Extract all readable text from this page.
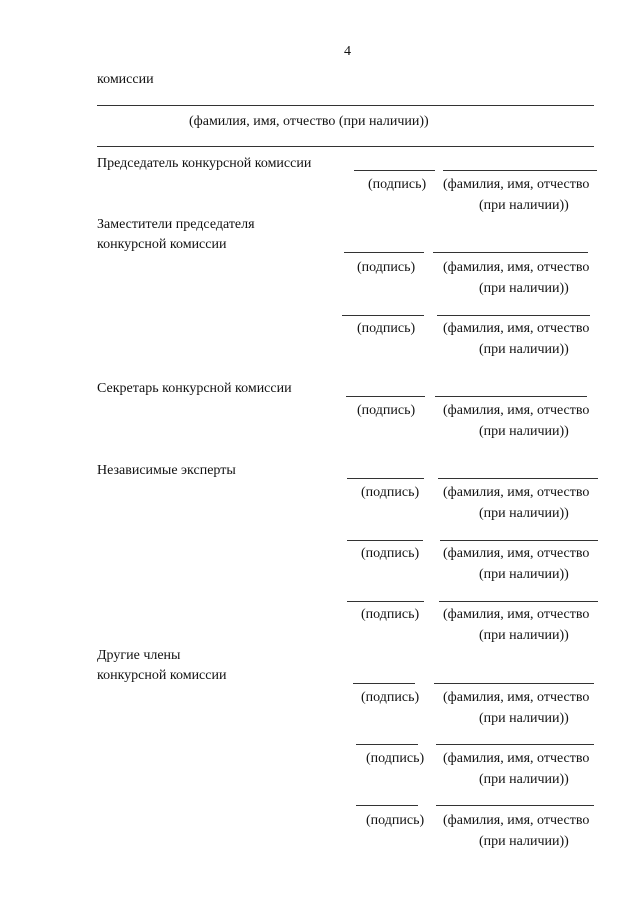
4
комиссии
(фамилия, имя, отчество (при наличии))
Председатель конкурсной комиссии
(подпись) (фамилия, имя, отчество
(при наличии))
Заместители председателя
конкурсной комиссии
(подпись) (фамилия, имя, отчество
(при наличии))
(подпись) (фамилия, имя, отчество
(при наличии))
Секретарь конкурсной комиссии
(подпись) (фамилия, имя, отчество
(при наличии))
Независимые эксперты
(подпись) (фамилия, имя, отчество
(при наличии))
(подпись) (фамилия, имя, отчество
(при наличии))
(подпись) (фамилия, имя, отчество
(при наличии))
Другие члены
конкурсной комиссии
(подпись) (фамилия, имя, отчество
(при наличии))
(подпись) (фамилия, имя, отчество
(при наличии))
(подпись) (фамилия, имя, отчество
(при наличии))
